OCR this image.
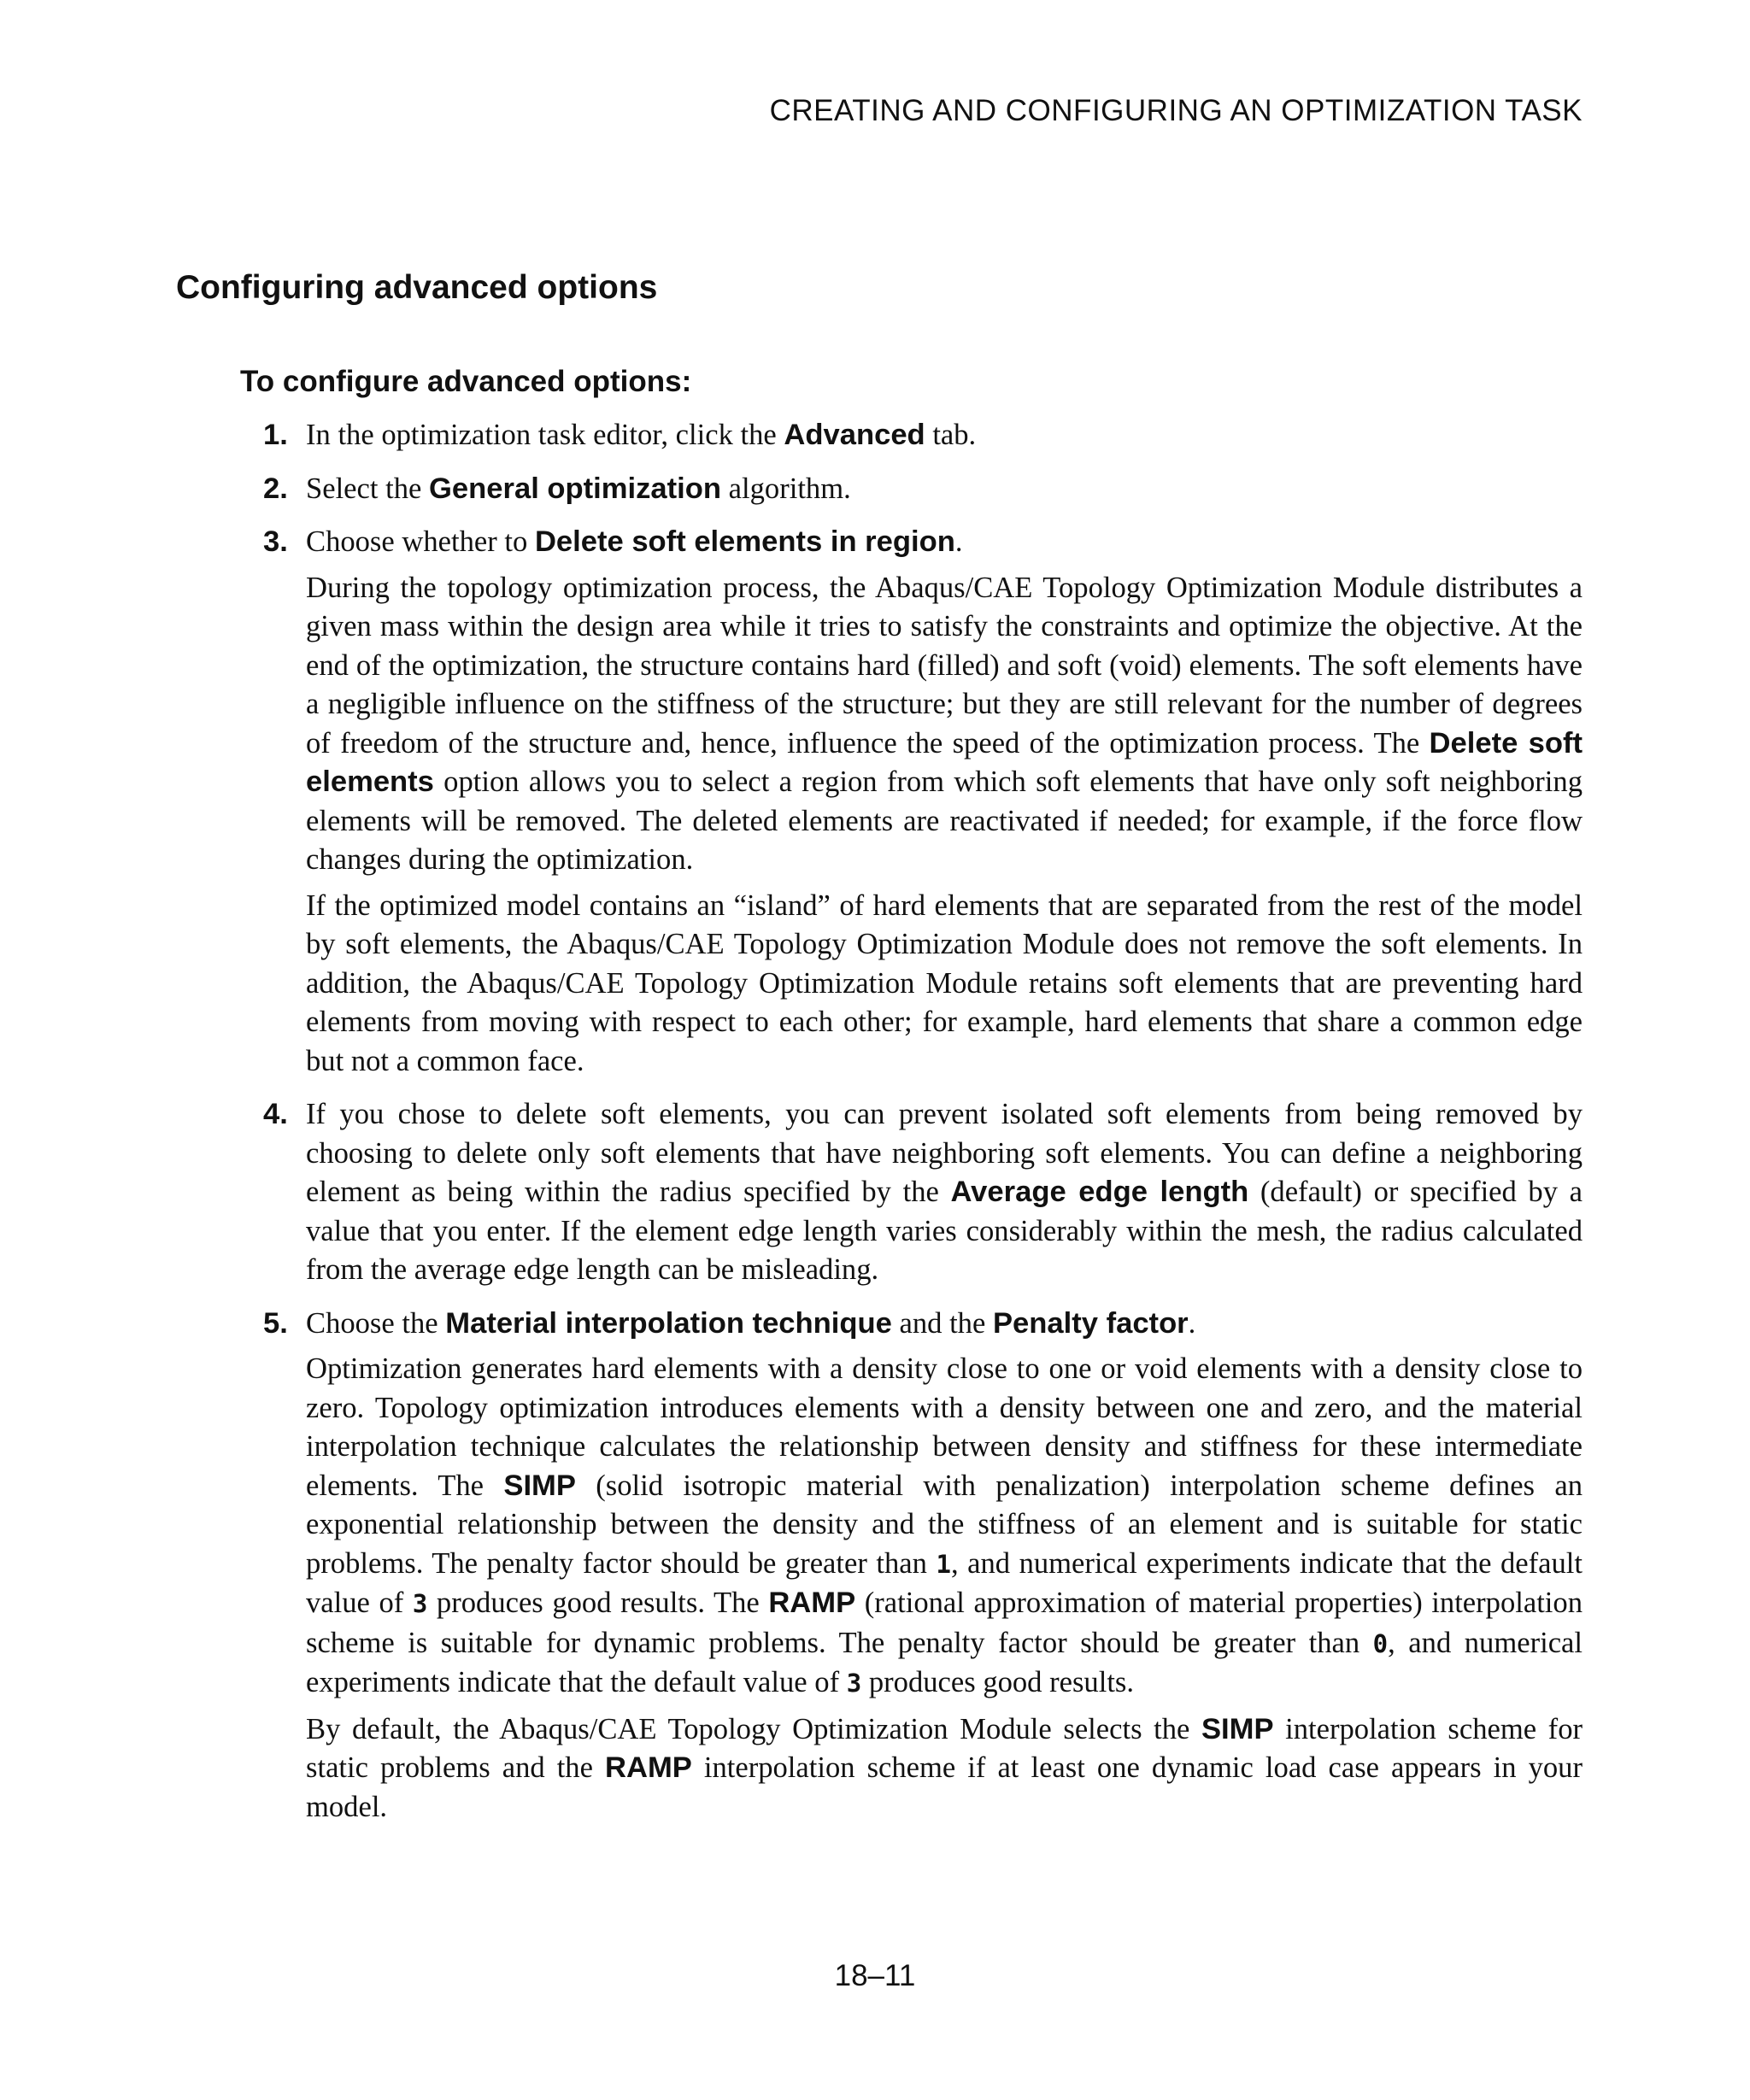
CREATING AND CONFIGURING AN OPTIMIZATION TASK
Configuring advanced options
To configure advanced options:
1. In the optimization task editor, click the Advanced tab.

2. Select the General optimization algorithm.

3. Choose whether to Delete soft elements in region.

During the topology optimization process, the Abaqus/CAE Topology Optimization Module distributes a given mass within the design area while it tries to satisfy the constraints and optimize the objective. At the end of the optimization, the structure contains hard (filled) and soft (void) elements. The soft elements have a negligible influence on the stiffness of the structure; but they are still relevant for the number of degrees of freedom of the structure and, hence, influence the speed of the optimization process. The Delete soft elements option allows you to select a region from which soft elements that have only soft neighboring elements will be removed. The deleted elements are reactivated if needed; for example, if the force flow changes during the optimization.

If the optimized model contains an “island” of hard elements that are separated from the rest of the model by soft elements, the Abaqus/CAE Topology Optimization Module does not remove the soft elements. In addition, the Abaqus/CAE Topology Optimization Module retains soft elements that are preventing hard elements from moving with respect to each other; for example, hard elements that share a common edge but not a common face.

4. If you chose to delete soft elements, you can prevent isolated soft elements from being removed by choosing to delete only soft elements that have neighboring soft elements. You can define a neighboring element as being within the radius specified by the Average edge length (default) or specified by a value that you enter. If the element edge length varies considerably within the mesh, the radius calculated from the average edge length can be misleading.

5. Choose the Material interpolation technique and the Penalty factor.

Optimization generates hard elements with a density close to one or void elements with a density close to zero. Topology optimization introduces elements with a density between one and zero, and the material interpolation technique calculates the relationship between density and stiffness for these intermediate elements. The SIMP (solid isotropic material with penalization) interpolation scheme defines an exponential relationship between the density and the stiffness of an element and is suitable for static problems. The penalty factor should be greater than 1, and numerical experiments indicate that the default value of 3 produces good results. The RAMP (rational approximation of material properties) interpolation scheme is suitable for dynamic problems. The penalty factor should be greater than 0, and numerical experiments indicate that the default value of 3 produces good results.

By default, the Abaqus/CAE Topology Optimization Module selects the SIMP interpolation scheme for static problems and the RAMP interpolation scheme if at least one dynamic load case appears in your model.

18–11
